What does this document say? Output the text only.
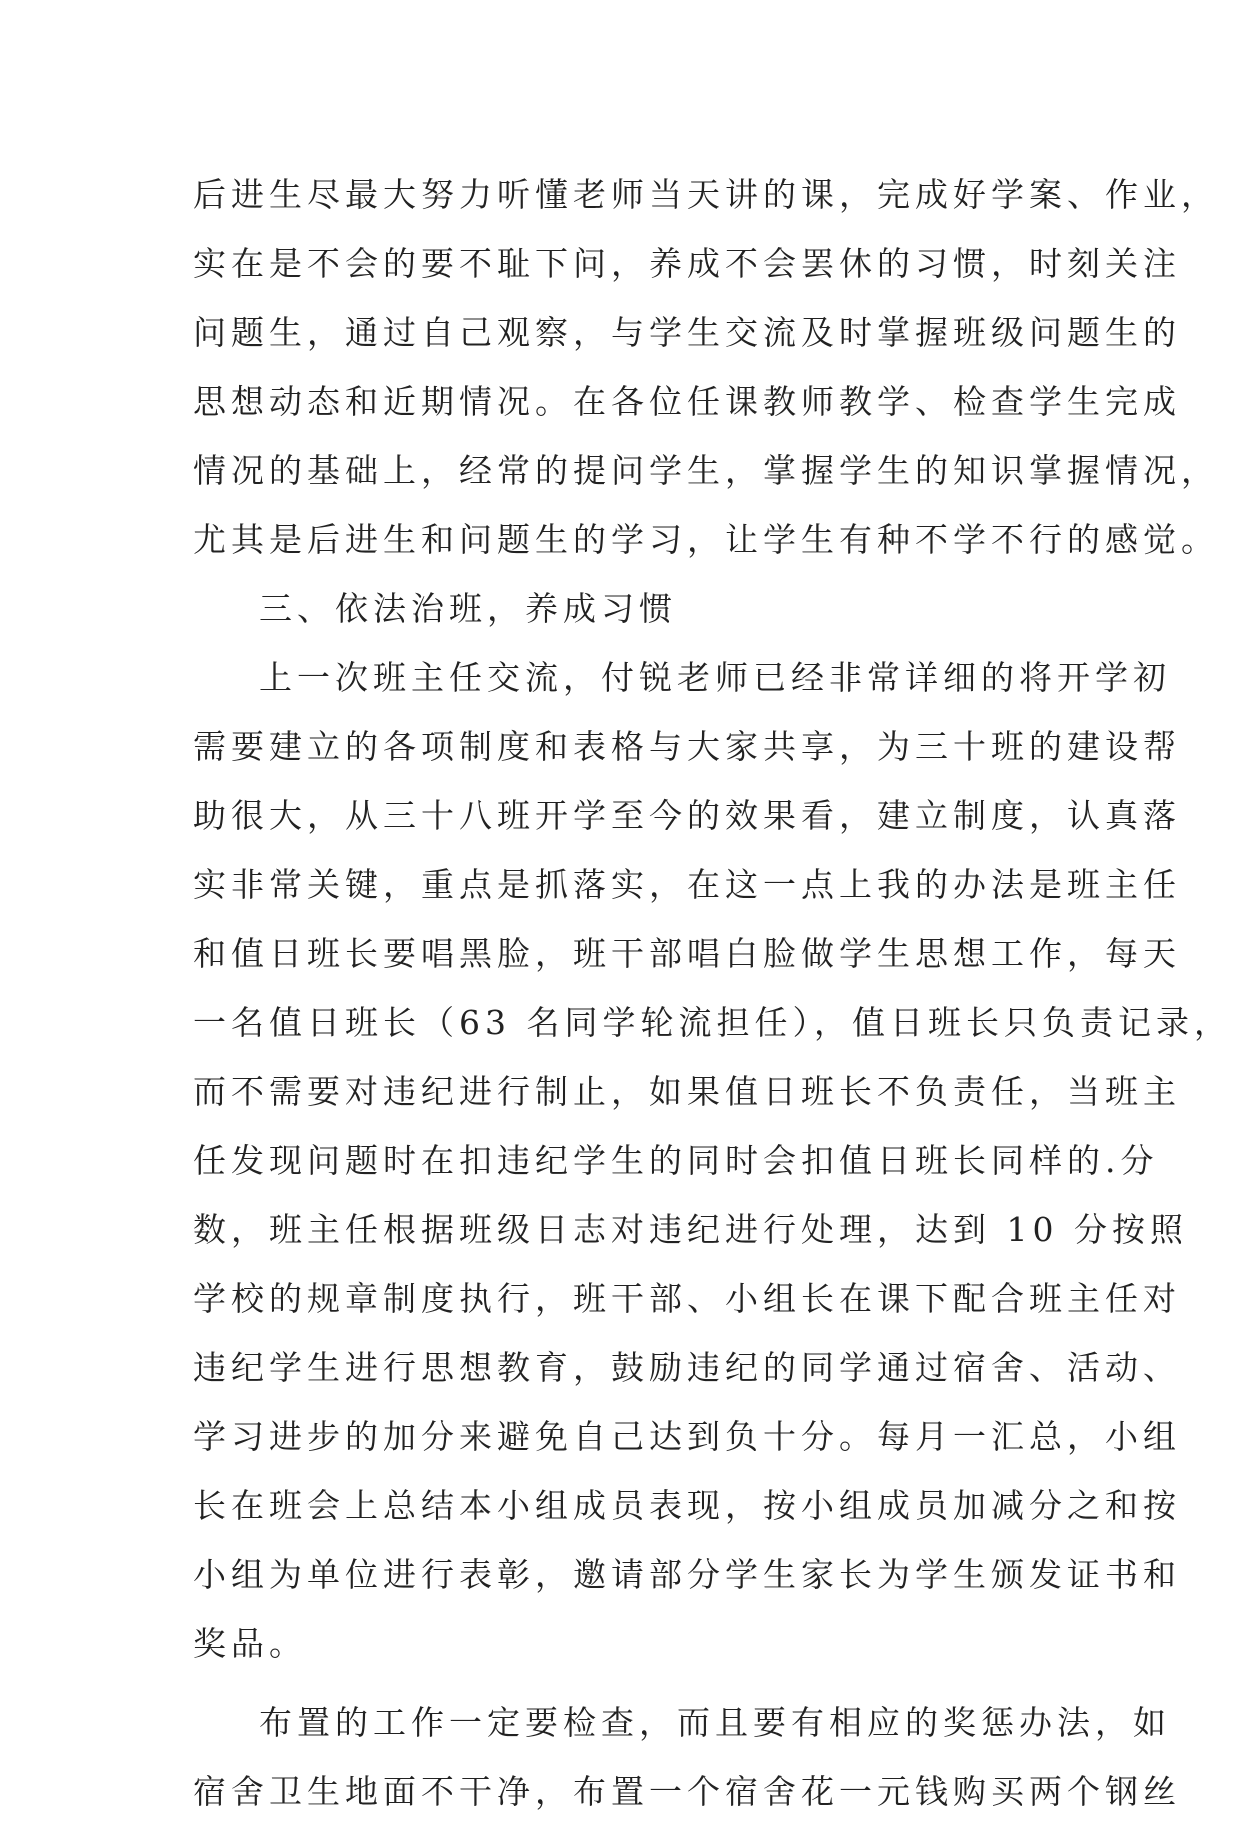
后进生尽最大努力听懂老师当天讲的课，完成好学案、作业，
实在是不会的要不耻下问，养成不会罢休的习惯，时刻关注
问题生，通过自己观察，与学生交流及时掌握班级问题生的
思想动态和近期情况。在各位任课教师教学、检查学生完成
情况的基础上，经常的提问学生，掌握学生的知识掌握情况，
尤其是后进生和问题生的学习，让学生有种不学不行的感觉。
三、依法治班，养成习惯
上一次班主任交流，付锐老师已经非常详细的将开学初
需要建立的各项制度和表格与大家共享，为三十班的建设帮
助很大，从三十八班开学至今的效果看，建立制度，认真落
实非常关键，重点是抓落实，在这一点上我的办法是班主任
和值日班长要唱黑脸，班干部唱白脸做学生思想工作，每天
一名值日班长（63 名同学轮流担任），值日班长只负责记录，
而不需要对违纪进行制止，如果值日班长不负责任，当班主
任发现问题时在扣违纪学生的同时会扣值日班长同样的.分
数，班主任根据班级日志对违纪进行处理，达到 10 分按照
学校的规章制度执行，班干部、小组长在课下配合班主任对
违纪学生进行思想教育，鼓励违纪的同学通过宿舍、活动、
学习进步的加分来避免自己达到负十分。每月一汇总，小组
长在班会上总结本小组成员表现，按小组成员加减分之和按
小组为单位进行表彰，邀请部分学生家长为学生颁发证书和
奖品。
布置的工作一定要检查，而且要有相应的奖惩办法，如
宿舍卫生地面不干净，布置一个宿舍花一元钱购买两个钢丝
